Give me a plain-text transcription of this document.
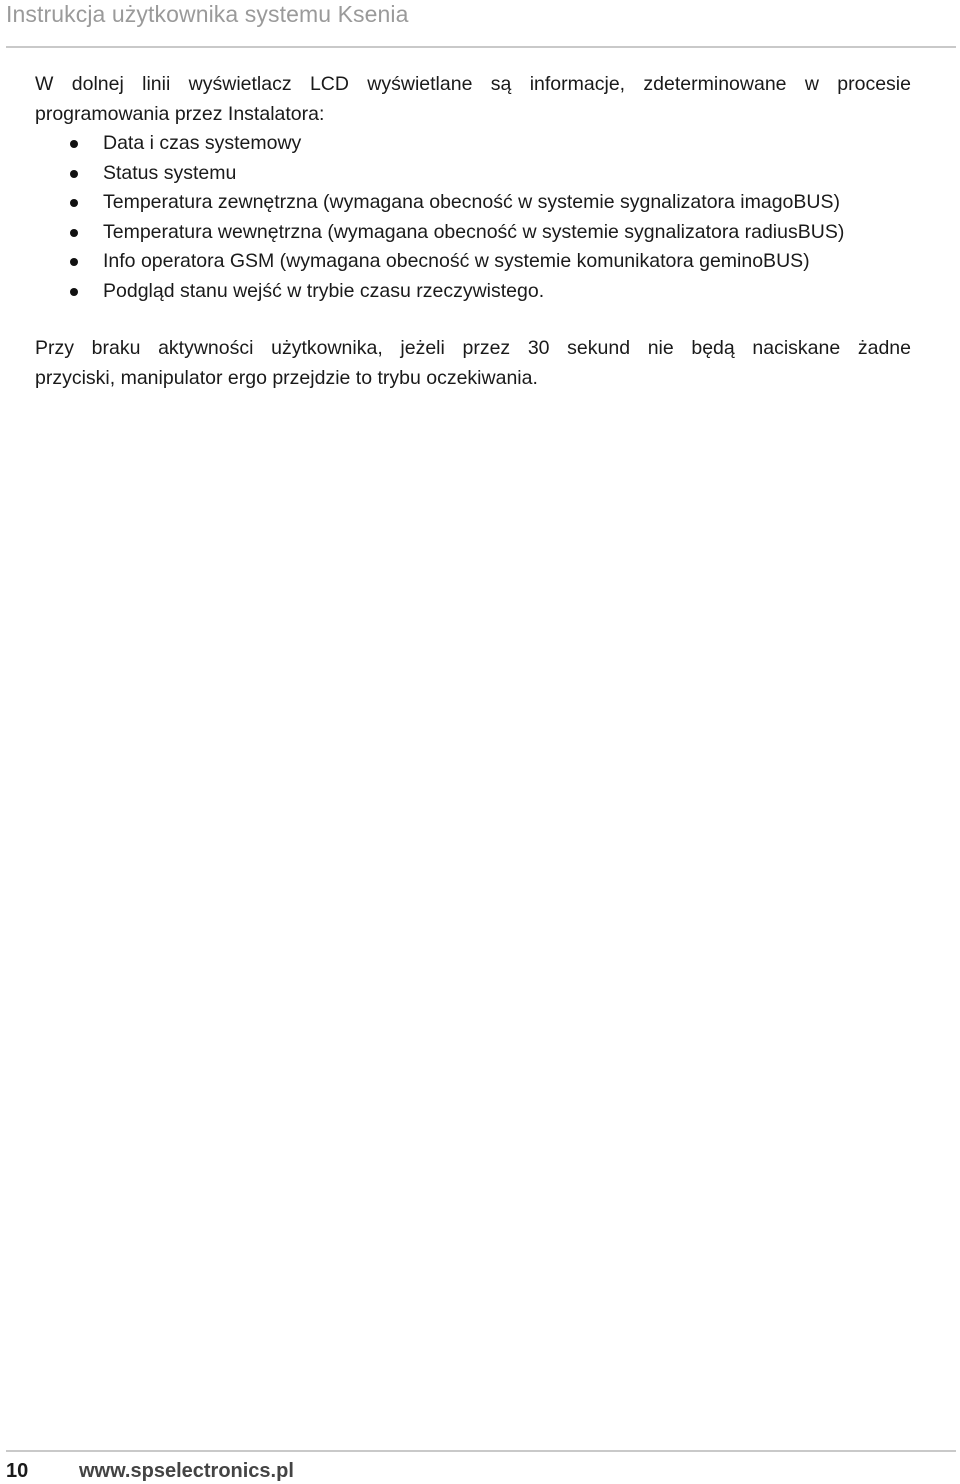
Instrukcja użytkownika systemu Ksenia

W dolnej linii wyświetlacz LCD wyświetlane są informacje, zdeterminowane w procesie programowania przez Instalatora:

Data i czas systemowy
Status systemu
Temperatura zewnętrzna (wymagana obecność w systemie sygnalizatora imagoBUS)
Temperatura wewnętrzna (wymagana obecność w systemie sygnalizatora radiusBUS)
Info operatora GSM (wymagana obecność w systemie komunikatora geminoBUS)
Podgląd stanu wejść w trybie czasu rzeczywistego.

Przy braku aktywności użytkownika, jeżeli przez 30 sekund nie będą naciskane żadne
przyciski, manipulator ergo przejdzie to trybu oczekiwania.

10	www.spselectronics.pl
